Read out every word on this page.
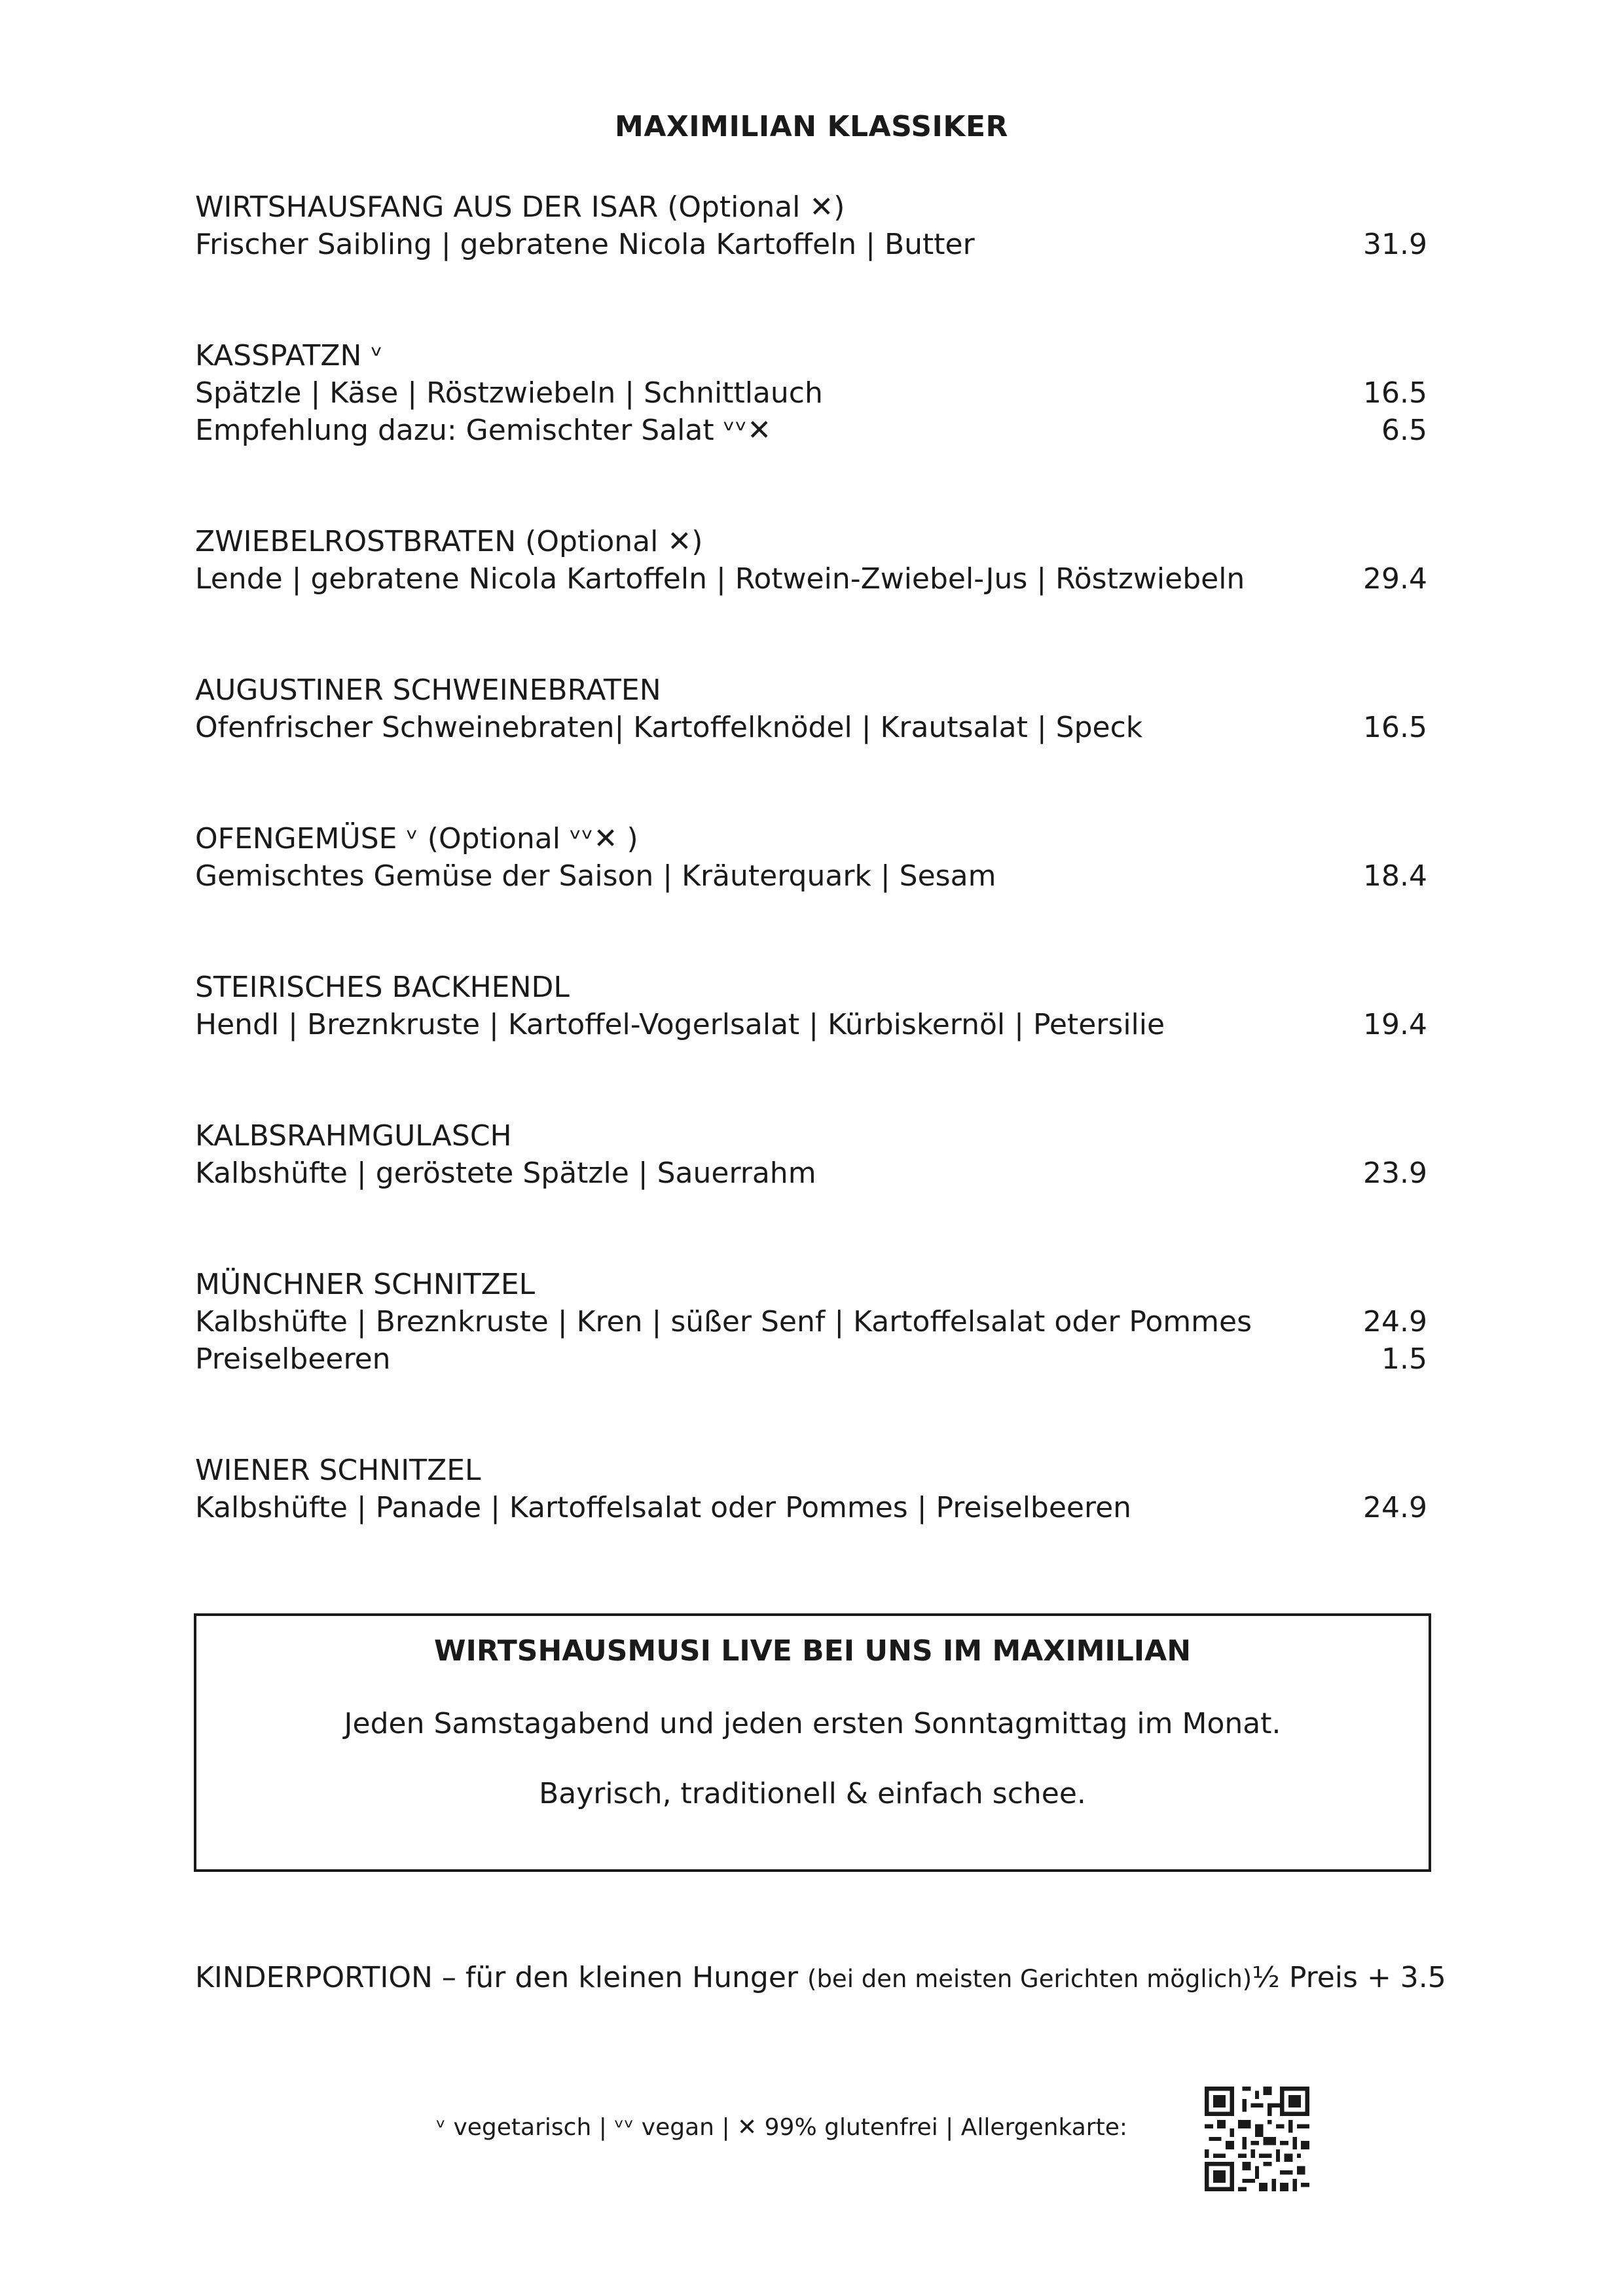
MAXIMILIAN KLASSIKER
WIRTSHAUSFANG AUS DER ISAR (Optional ✕)
Frischer Saibling | gebratene Nicola Kartoffeln | Butter	31.9
KASSPATZN ᵛ
Spätzle | Käse | Röstzwiebeln | Schnittlauch	16.5
Empfehlung dazu: Gemischter Salat ᵛᵛ✕	6.5
ZWIEBELROSTBRATEN (Optional ✕)
Lende | gebratene Nicola Kartoffeln | Rotwein-Zwiebel-Jus | Röstzwiebeln	29.4
AUGUSTINER SCHWEINEBRATEN
Ofenfrischer Schweinebraten| Kartoffelknödel | Krautsalat | Speck	16.5
OFENGEMÜSE ᵛ (Optional ᵛᵛ✕ )
Gemischtes Gemüse der Saison | Kräuterquark | Sesam	18.4
STEIRISCHES BACKHENDL
Hendl | Breznkruste | Kartoffel-Vogerlsalat | Kürbiskernöl | Petersilie	19.4
KALBSRAHMGULASCH
Kalbshüfte | geröstete Spätzle | Sauerrahm	23.9
MÜNCHNER SCHNITZEL
Kalbshüfte | Breznkruste | Kren | süßer Senf | Kartoffelsalat oder Pommes	24.9
Preiselbeeren	1.5
WIENER SCHNITZEL
Kalbshüfte | Panade | Kartoffelsalat oder Pommes | Preiselbeeren	24.9
WIRTSHAUSMUSI LIVE BEI UNS IM MAXIMILIAN
Jeden Samstagabend und jeden ersten Sonntagmittag im Monat.
Bayrisch, traditionell & einfach schee.
KINDERPORTION – für den kleinen Hunger (bei den meisten Gerichten möglich) ½ Preis + 3.5
ᵛ vegetarisch | ᵛᵛ vegan | ✕ 99% glutenfrei | Allergenkarte:
